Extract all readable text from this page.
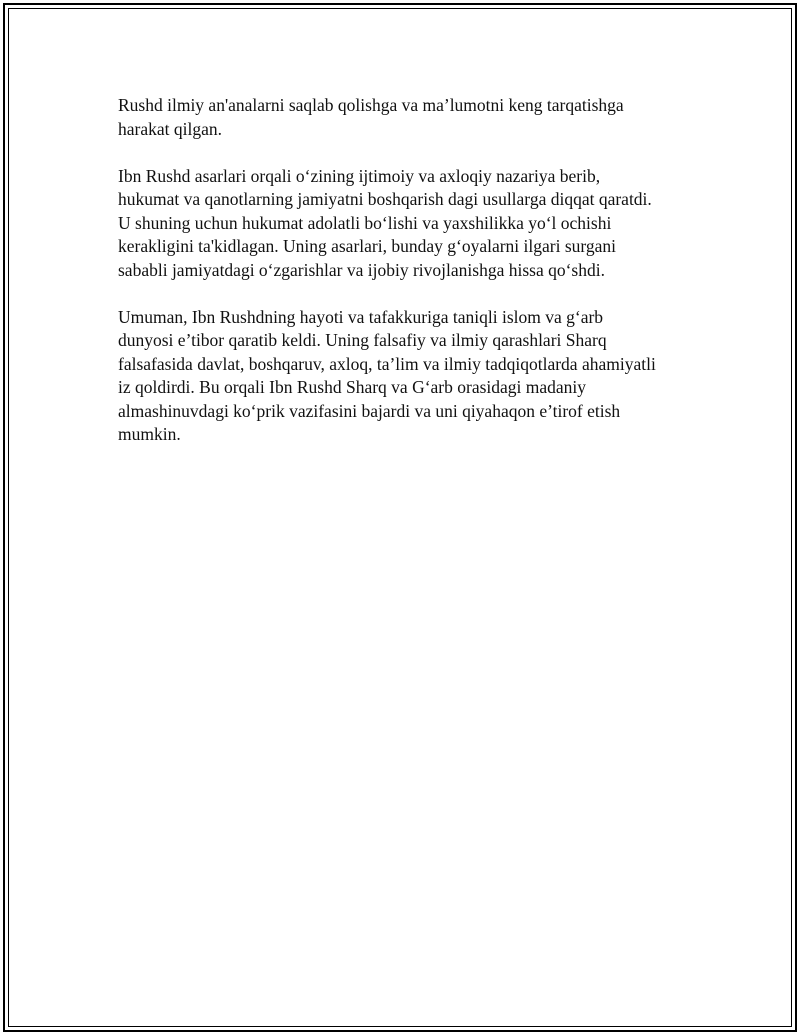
Rushd ilmiy an'analarni saqlab qolishga va ma’lumotni keng tarqatishga
harakat qilgan.

Ibn Rushd asarlari orqali o‘zining ijtimoiy va axloqiy nazariya berib,
hukumat va qanotlarning jamiyatni boshqarish dagi usullarga diqqat qaratdi.
U shuning uchun hukumat adolatli bo‘lishi va yaxshilikka yo‘l ochishi
kerakligini ta'kidlagan. Uning asarlari, bunday g‘oyalarni ilgari surgani
sababli jamiyatdagi o‘zgarishlar va ijobiy rivojlanishga hissa qo‘shdi.

Umuman, Ibn Rushdning hayoti va tafakkuriga taniqli islom va g‘arb
dunyosi e’tibor qaratib keldi. Uning falsafiy va ilmiy qarashlari Sharq
falsafasida davlat, boshqaruv, axloq, ta’lim va ilmiy tadqiqotlarda ahamiyatli
iz qoldirdi. Bu orqali Ibn Rushd Sharq va G‘arb orasidagi madaniy
almashinuvdagi ko‘prik vazifasini bajardi va uni qiyahaqon e’tirof etish
mumkin.
